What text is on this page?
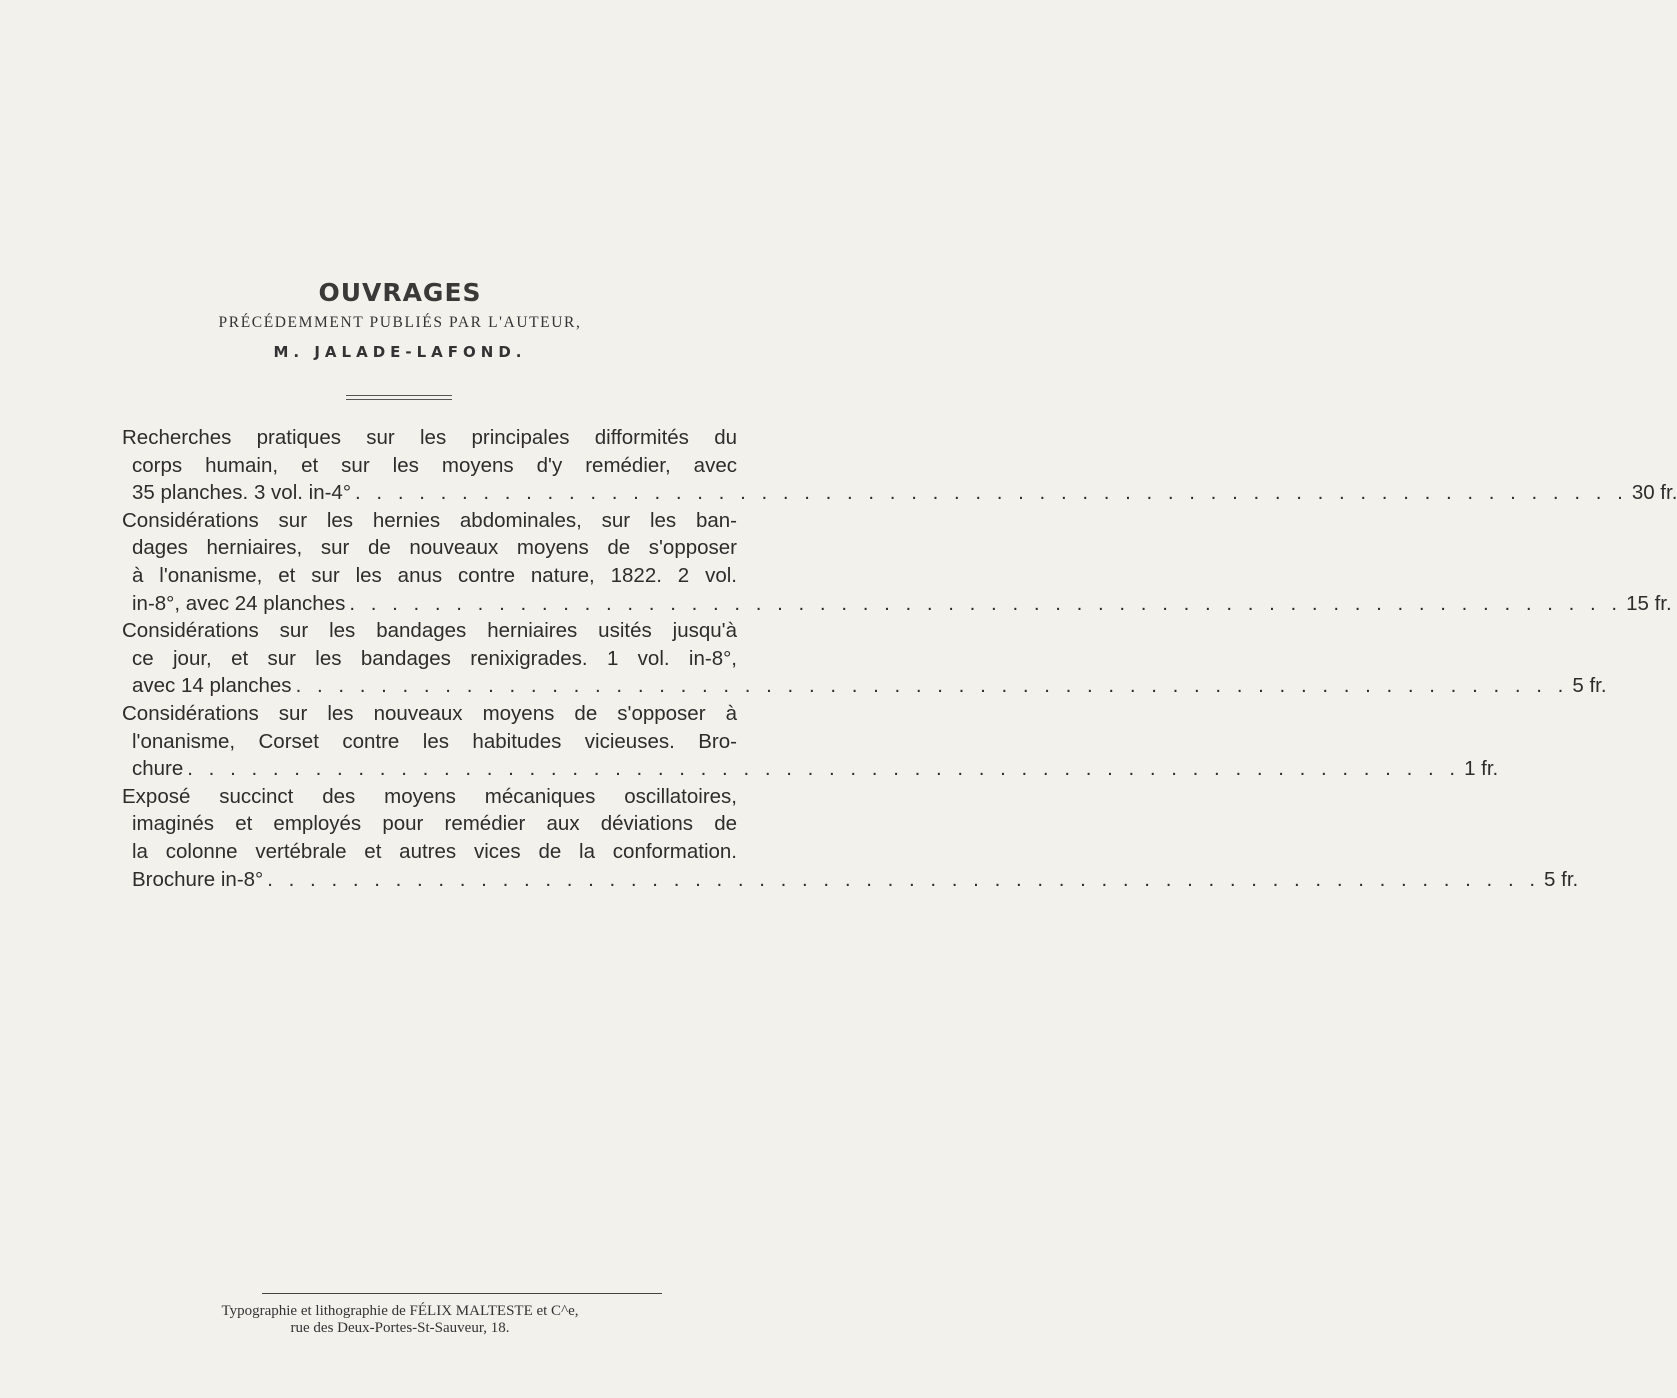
OUVRAGES
PRÉCÉDEMMENT PUBLIÉS PAR L'AUTEUR,
M. JALADE-LAFOND.
Recherches pratiques sur les principales difformités du
corps humain, et sur les moyens d'y remédier, avec
35 planches. 3 vol. in-4° . . . . . . . . . . . . . . . . . . . . . . . . . . . . . . . . . . . . . . . . . . . . . . . . . . . . . . . . . . . . 30 fr.
Considérations sur les hernies abdominales, sur les ban-
dages herniaires, sur de nouveaux moyens de s'opposer
à l'onanisme, et sur les anus contre nature, 1822. 2 vol.
in-8°, avec 24 planches . . . . . . . . . . . . . . . . . . . . . . . . . . . . . . . . . . . . . . . . . . . . . . . . . . . . . . . . . . . . 15 fr.
Considérations sur les bandages herniaires usités jusqu'à
ce jour, et sur les bandages renixigrades. 1 vol. in-8°,
avec 14 planches . . . . . . . . . . . . . . . . . . . . . . . . . . . . . . . . . . . . . . . . . . . . . . . . . . . . . . . . . . . . 5 fr.
Considérations sur les nouveaux moyens de s'opposer à
l'onanisme, Corset contre les habitudes vicieuses. Bro-
chure . . . . . . . . . . . . . . . . . . . . . . . . . . . . . . . . . . . . . . . . . . . . . . . . . . . . . . . . . . . . 1 fr.
Exposé succinct des moyens mécaniques oscillatoires,
imaginés et employés pour remédier aux déviations de
la colonne vertébrale et autres vices de la conformation.
Brochure in-8° . . . . . . . . . . . . . . . . . . . . . . . . . . . . . . . . . . . . . . . . . . . . . . . . . . . . . . . . . . . . 5 fr.
Typographie et lithographie de FÉLIX MALTESTE et C^e,
rue des Deux-Portes-St-Sauveur, 18.
